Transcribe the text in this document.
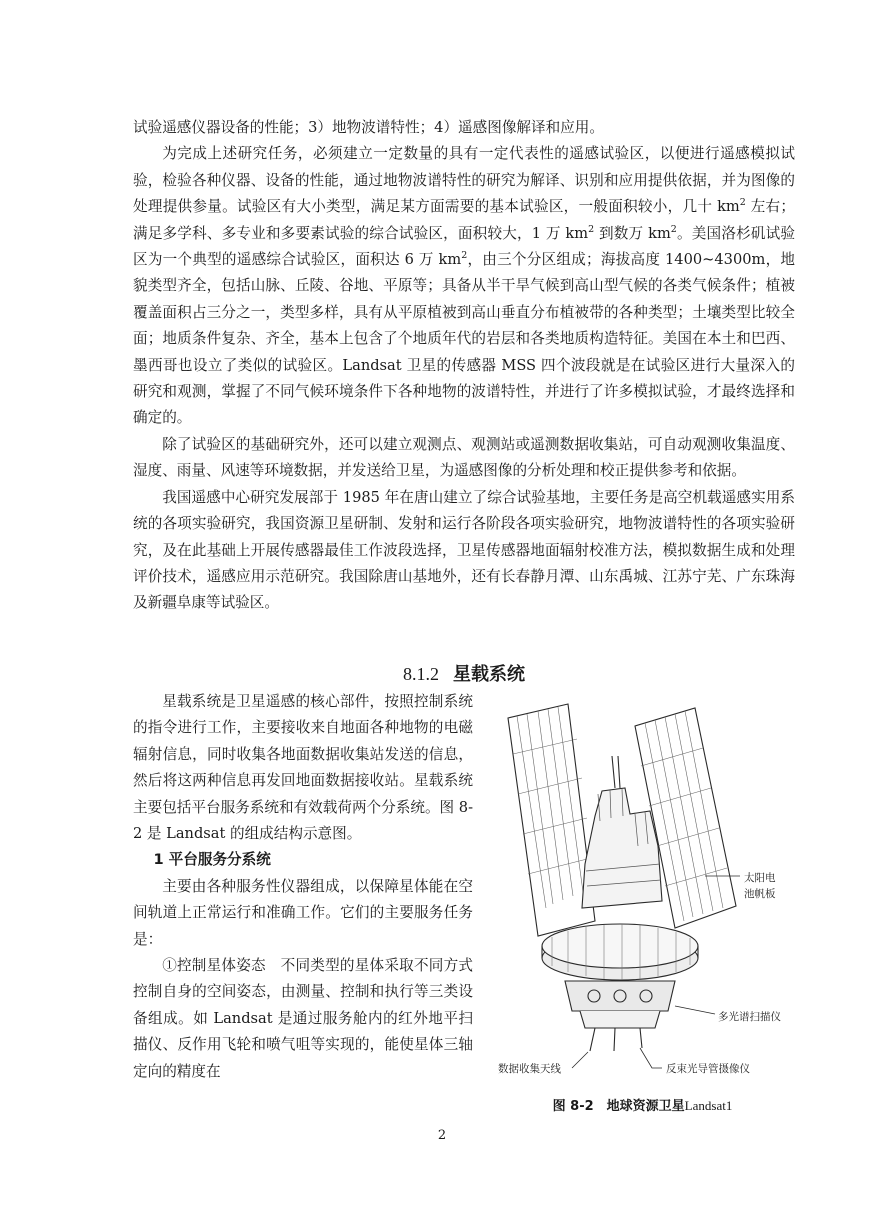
试验遥感仪器设备的性能；3）地物波谱特性；4）遥感图像解译和应用。

为完成上述研究任务，必须建立一定数量的具有一定代表性的遥感试验区，以便进行遥感模拟试验，检验各种仪器、设备的性能，通过地物波谱特性的研究为解译、识别和应用提供依据，并为图像的处理提供参量。试验区有大小类型，满足某方面需要的基本试验区，一般面积较小，几十 $km^2$ 左右；满足多学科、多专业和多要素试验的综合试验区，面积较大，1 万 $km^2$ 到数万 $km^2$。美国洛杉矶试验区为一个典型的遥感综合试验区，面积达 6 万 $km^2$，由三个分区组成；海拔高度 1400~4300m，地貌类型齐全，包括山脉、丘陵、谷地、平原等；具备从半干旱气候到高山型气候的各类气候条件；植被覆盖面积占三分之一，类型多样，具有从平原植被到高山垂直分布植被带的各种类型；土壤类型比较全面；地质条件复杂、齐全，基本上包含了个地质年代的岩层和各类地质构造特征。美国在本土和巴西、墨西哥也设立了类似的试验区。Landsat 卫星的传感器 MSS 四个波段就是在试验区进行大量深入的研究和观测，掌握了不同气候环境条件下各种地物的波谱特性，并进行了许多模拟试验，才最终选择和确定的。

除了试验区的基础研究外，还可以建立观测点、观测站或遥测数据收集站，可自动观测收集温度、湿度、雨量、风速等环境数据，并发送给卫星，为遥感图像的分析处理和校正提供参考和依据。

我国遥感中心研究发展部于 1985 年在唐山建立了综合试验基地，主要任务是高空机载遥感实用系统的各项实验研究，我国资源卫星研制、发射和运行各阶段各项实验研究，地物波谱特性的各项实验研究，及在此基础上开展传感器最佳工作波段选择，卫星传感器地面辐射校准方法，模拟数据生成和处理评价技术，遥感应用示范研究。我国除唐山基地外，还有长春静月潭、山东禹城、江苏宁芜、广东珠海及新疆阜康等试验区。

8.1.2 星载系统

星载系统是卫星遥感的核心部件，按照控制系统的指令进行工作，主要接收来自地面各种地物的电磁辐射信息，同时收集各地面数据收集站发送的信息，然后将这两种信息再发回地面数据接收站。星载系统主要包括平台服务系统和有效载荷两个分系统。图 8-2 是 Landsat 的组成结构示意图。

1 平台服务分系统

主要由各种服务性仪器组成，以保障星体能在空间轨道上正常运行和准确工作。它们的主要服务任务是：

①控制星体姿态　不同类型的星体采取不同方式控制自身的空间姿态，由测量、控制和执行等三类设备组成。如 Landsat 是通过服务舱内的红外地平扫描仪、反作用飞轮和喷气咀等实现的，能使星体三轴定向的精度在

太阳电
池帆板
多光谱扫描仪
数据收集天线	反束光导管摄像仪
图 8-2　地球资源卫星Landsat1
2
